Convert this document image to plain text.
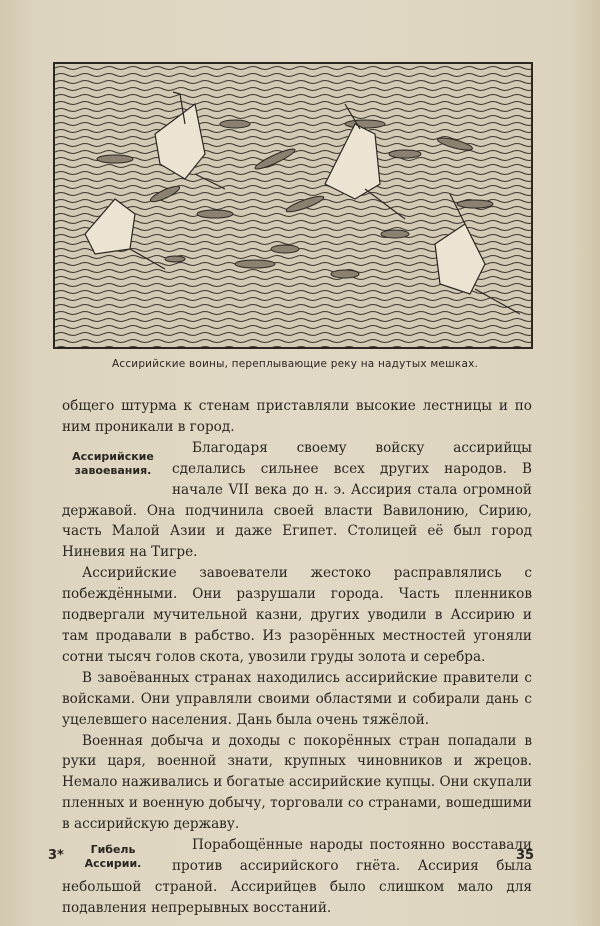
Ассирийские воины, переплывающие реку на надутых мешках.

общего штурма к стенам приставляли высокие лестницы и по ним проникали в город.

Ассирийские завоевания.

Благодаря своему войску ассирийцы сделались сильнее всех других народов. В начале VII века до н. э. Ассирия стала огромной державой. Она подчинила своей власти Вавилонию, Сирию, часть Малой Азии и даже Египет. Столицей её был город Ниневия на Тигре.

Ассирийские завоеватели жестоко расправлялись с побеждёнными. Они разрушали города. Часть пленников подвергали мучительной казни, других уводили в Ассирию и там продавали в рабство. Из разорённых местностей угоняли сотни тысяч голов скота, увозили груды золота и серебра.

В завоёванных странах находились ассирийские правители с войсками. Они управляли своими областями и собирали дань с уцелевшего населения. Дань была очень тяжёлой.

Военная добыча и доходы с покорённых стран попадали в руки царя, военной знати, крупных чиновников и жрецов. Немало наживались и богатые ассирийские купцы. Они скупали пленных и военную добычу, торговали со странами, вошедшими в ассирийскую державу.

Гибель Ассирии.

Порабощённые народы постоянно восставали против ассирийского гнёта. Ассирия была небольшой страной. Ассирийцев было слишком мало для подавления непрерывных восстаний.

3*	35
